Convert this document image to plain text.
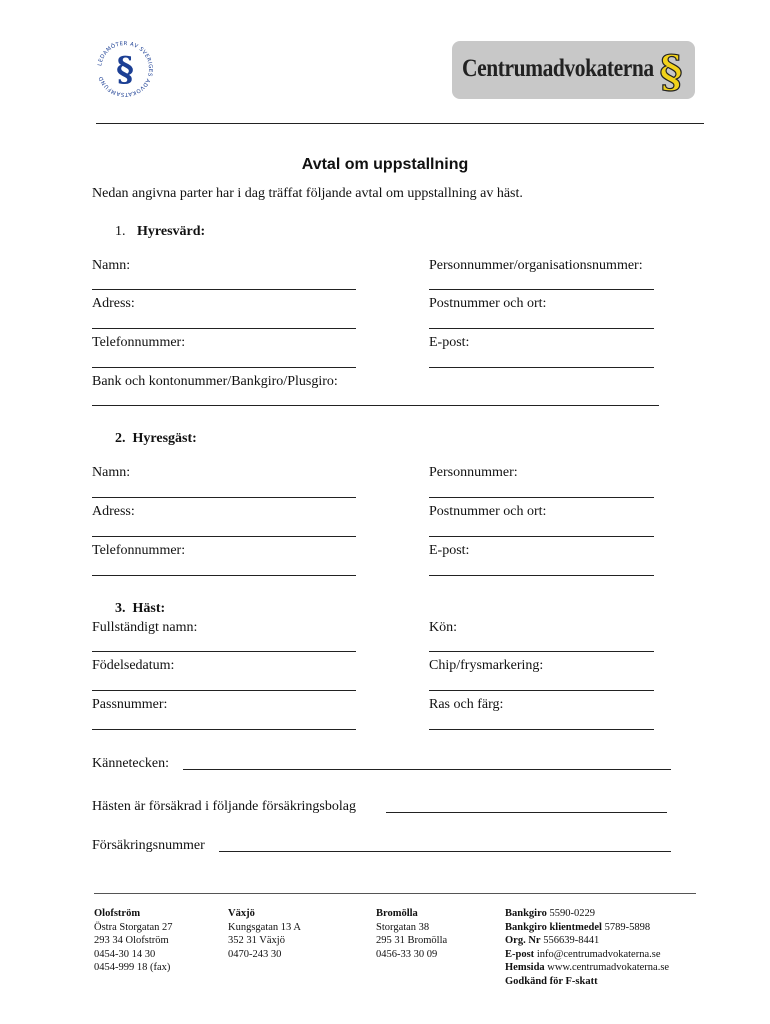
LEDAMÖTER AV SVERIGES ADVOKATSAMFUND §	Centrumadvokaterna §
Avtal om uppstallning
Nedan angivna parter har i dag träffat följande avtal om uppstallning av häst.
1. Hyresvärd:
Namn:	Personnummer/organisationsnummer:
Adress:	Postnummer och ort:
Telefonnummer:	E-post:
Bank och kontonummer/Bankgiro/Plusgiro:
2.  Hyresgäst:
Namn:	Personnummer:
Adress:	Postnummer och ort:
Telefonnummer:	E-post:
3.  Häst:
Fullständigt namn:	Kön:
Födelsedatum:	Chip/frysmarkering:
Passnummer:	Ras och färg:
Kännetecken:
Hästen är försäkrad i följande försäkringsbolag
Försäkringsnummer
Olofström
Östra Storgatan 27
293 34 Olofström
0454-30 14 30
0454-999 18 (fax)
Växjö
Kungsgatan 13 A
352 31 Växjö
0470-243 30
Bromölla
Storgatan 38
295 31 Bromölla
0456-33 30 09
Bankgiro 5590-0229
Bankgiro klientmedel 5789-5898
Org. Nr 556639-8441
E-post info@centrumadvokaterna.se
Hemsida www.centrumadvokaterna.se
Godkänd för F-skatt
